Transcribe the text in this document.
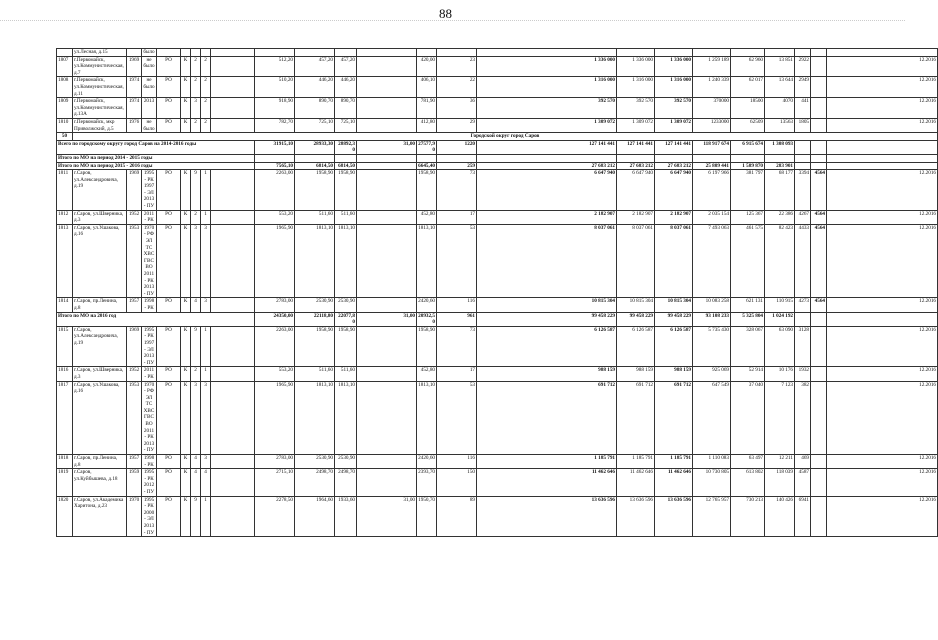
88
	ул.Лесная, д.15		было																				
1807	г.Первомайск, ул.Коммунистическая, д.7	1969	не было	РО	К	2	2		512,20	457,20	457,20		420,00	23	1 336 000	1 336 000	1 336 000	1 259 189	62 960	13 851	2922		12.2016
1808	г.Первомайск, ул.Коммунистическая, д.11	1974	не было	РО	К	2	2		510,20	446,20	446,20		406,10	22	1 316 000	1 316 000	1 316 000	1 240 339	62 017	13 644	2949		12.2016
1809	г.Первомайск, ул.Коммунистическая, д.13А	1974	2013	РО	К	3	2		918,90	890,70	890,70		781,90	36	392 570	392 570	392 570	370000	18500	4070	441		12.2016
1810	г.Первомайск, мкр Приволжский, д.5	1976	не было	РО	К	2	2		782,70	725,10	725,10		412,80	29	1 309 072	1 309 072	1 309 072	1233000	62509	13563	1805		12.2016
50	Городской округ город Саров																						
Всего по городскому округу город Саров на 2014-2016 годы									31915,10	28933,30	28892,30	31,00	27577,90	1220	127 141 441	127 141 441	127 141 441	118 917 674	6 915 674	1 308 093			
Итого по МО на период 2014 - 2015 годы																							
Итого по МО на период 2015 - 2016 годы									7565,10	6814,50	6814,50		6645,40	259	27 683 212	27 683 212	27 683 212	25 809 441	1 589 870	283 901			
1811	г.Саров, ул.Александровича, д.19	1969	1995 - РК 1997 - ЭЛ 2013 - ПУ	РО	К	9	1		2263,00	1958,90	1958,90		1958,90	73	6 647 940	6 647 940	6 647 940	6 197 966	381 797	68 177	3394	4564	12.2016
1812	г.Саров, ул.Шверника, д.3	1952	2011 - РК	РО	К	2	1		553,20	511,60	511,60		452,80	17	2 182 907	2 182 907	2 182 907	2 035 154	125 367	22 386	4267	4564	12.2016
1813	г.Саров, ул.Ушакова, д.16	1953	1970 - РФ ЭЛ ТС ХВС ГВС ВО 2011 - РК 2013 - ПУ	РО	К	3	3		1965,90	1813,10	1813,10		1813,10	53	8 037 061	8 037 061	8 037 061	7 493 063	461 575	82 423	4433	4564	12.2016
1814	г.Саров, пр.Ленина, д.8	1957	1998 - РК	РО	К	4	3		2783,00	2530,90	2530,90		2420,60	116	10 815 304	10 815 304	10 815 304	10 083 258	621 131	110 915	4273	4564	12.2016
Итого по МО на 2016 год									24350,00	22118,80	22077,80	31,00	20932,50	961	99 458 229	99 458 229	99 458 229	93 108 233	5 325 804	1 024 192			
1815	г.Саров, ул.Александровича, д.19	1969	1995 - РК 1997 - ЭЛ 2013 - ПУ	РО	К	9	1		2263,00	1958,90	1958,90		1958,90	73	6 126 587	6 126 587	6 126 587	5 735 430	328 067	63 090	3128		12.2016
1816	г.Саров, ул.Шверника, д.3	1952	2011 - РК	РО	К	2	1		553,20	511,60	511,60		452,80	17	988 159	988 159	988 159	925 069	52 914	10 176	1932		12.2016
1817	г.Саров, ул.Ушакова, д.16	1953	1970 - РФ ЭЛ ТС ХВС ГВС ВО 2011 - РК 2013 - ПУ	РО	К	3	3		1965,90	1813,10	1813,10		1813,10	53	691 712	691 712	691 712	647 549	37 040	7 123	382		12.2016
1818	г.Саров, пр.Ленина, д.8	1957	1998 - РК	РО	К	4	3		2783,00	2530,90	2530,90		2420,60	116	1 185 791	1 185 791	1 185 791	1 110 083	63 497	12 211	469		12.2016
1819	г.Саров, ул.Куйбышева, д.18	1959	1995 - РК 2012 - ПУ	РО	К	4	4		2715,10	2498,70	2498,70		2393,70	150	11 462 646	11 462 646	11 462 646	10 730 805	613 802	118 039	4587		12.2016
1820	г.Саров, ул.Академика Харитона, д.23	1970	1995 - РК 2000 - ЭЛ 2013 - ПУ	РО	К	9	1		2278,50	1964,60	1933,60	31,00	1950,70	89	13 636 596	13 636 596	13 636 596	12 765 957	730 213	140 426	6941		12.2016
